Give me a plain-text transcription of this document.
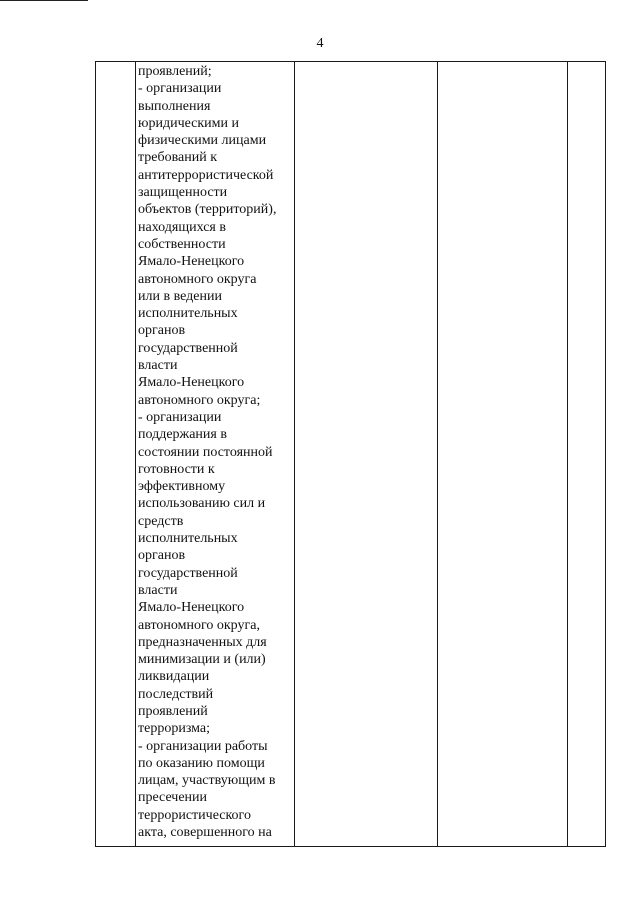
4
проявлений;
- организации
выполнения
юридическими и
физическими лицами
требований к
антитеррористической
защищенности
объектов (территорий),
находящихся в
собственности
Ямало-Ненецкого
автономного округа
или в ведении
исполнительных
органов
государственной
власти
Ямало-Ненецкого
автономного округа;
- организации
поддержания в
состоянии постоянной
готовности к
эффективному
использованию сил и
средств
исполнительных
органов
государственной
власти
Ямало-Ненецкого
автономного округа,
предназначенных для
минимизации и (или)
ликвидации
последствий
проявлений
терроризма;
- организации работы
по оказанию помощи
лицам, участвующим в
пресечении
террористического
акта, совершенного на
